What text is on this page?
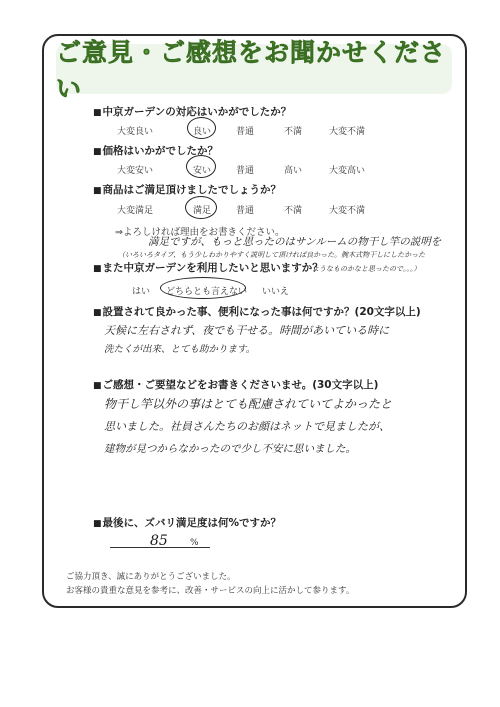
ご意見・ご感想をお聞かせください
■ 中京ガーデンの対応はいかがでしたか？
大変良い	良い	普通	不満	大変不満
■ 価格はいかがでしたか？
大変安い	安い	普通	高い	大変高い
■ 商品はご満足頂けましたでしょうか？
大変満足	満足	普通	不満	大変不満
⇒よろしければ理由をお書きください。
満足ですが、もっと思ったのはサンルームの物干し竿の説明を
（いろいろタイプ、もう少しわかりやすく説明して頂ければ良かった。腕木式物干しにしたかった
ようなものかなと思ったので。。。）
■ また中京ガーデンを利用したいと思いますか？
はい どちらとも言えない いいえ
■ 設置されて良かった事、便利になった事は何ですか？(20文字以上)
天候に左右されず、夜でも干せる。時間があいている時に
洗たくが出来、とても助かります。
■ ご感想・ご要望などをお書きくださいませ。(30文字以上)
物干し竿以外の事はとても配慮されていてよかったと
思いました。社員さんたちのお顔はネットで見ましたが、
建物が見つからなかったので少し不安に思いました。
■ 最後に、ズバリ満足度は何%ですか？
85 %
ご協力頂き、誠にありがとうございました。
お客様の貴重な意見を参考に、改善・サービスの向上に活かして参ります。
